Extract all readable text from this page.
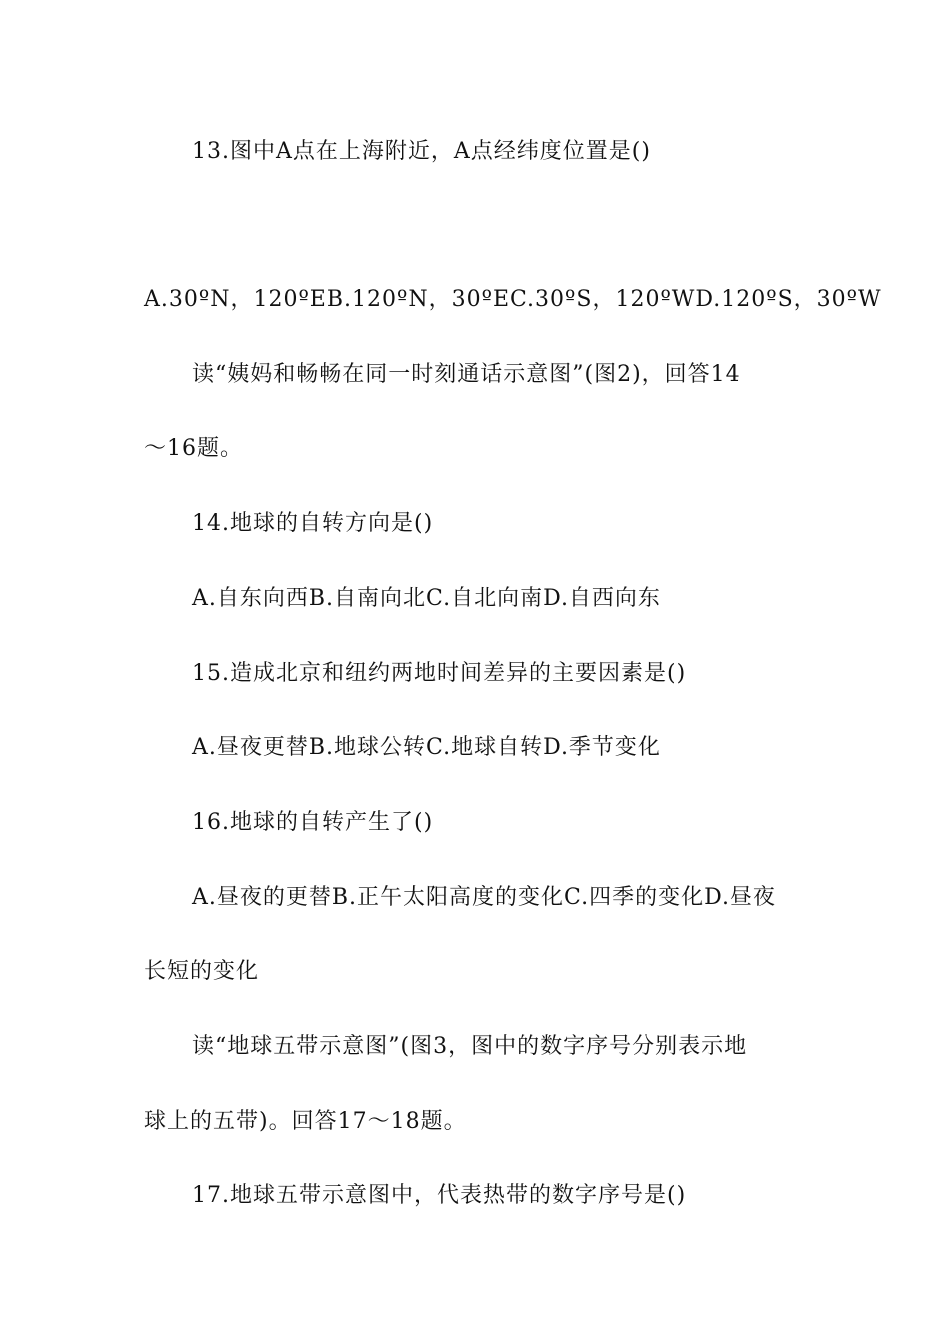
13.图中A点在上海附近，A点经纬度位置是()
A.30ºN，120ºEB.120ºN，30ºEC.30ºS，120ºWD.120ºS，30ºW
读“姨妈和畅畅在同一时刻通话示意图”(图2)，回答14
～16题。
14.地球的自转方向是()
A.自东向西B.自南向北C.自北向南D.自西向东
15.造成北京和纽约两地时间差异的主要因素是()
A.昼夜更替B.地球公转C.地球自转D.季节变化
16.地球的自转产生了()
A.昼夜的更替B.正午太阳高度的变化C.四季的变化D.昼夜
长短的变化
读“地球五带示意图”(图3，图中的数字序号分别表示地
球上的五带)。回答17～18题。
17.地球五带示意图中，代表热带的数字序号是()
